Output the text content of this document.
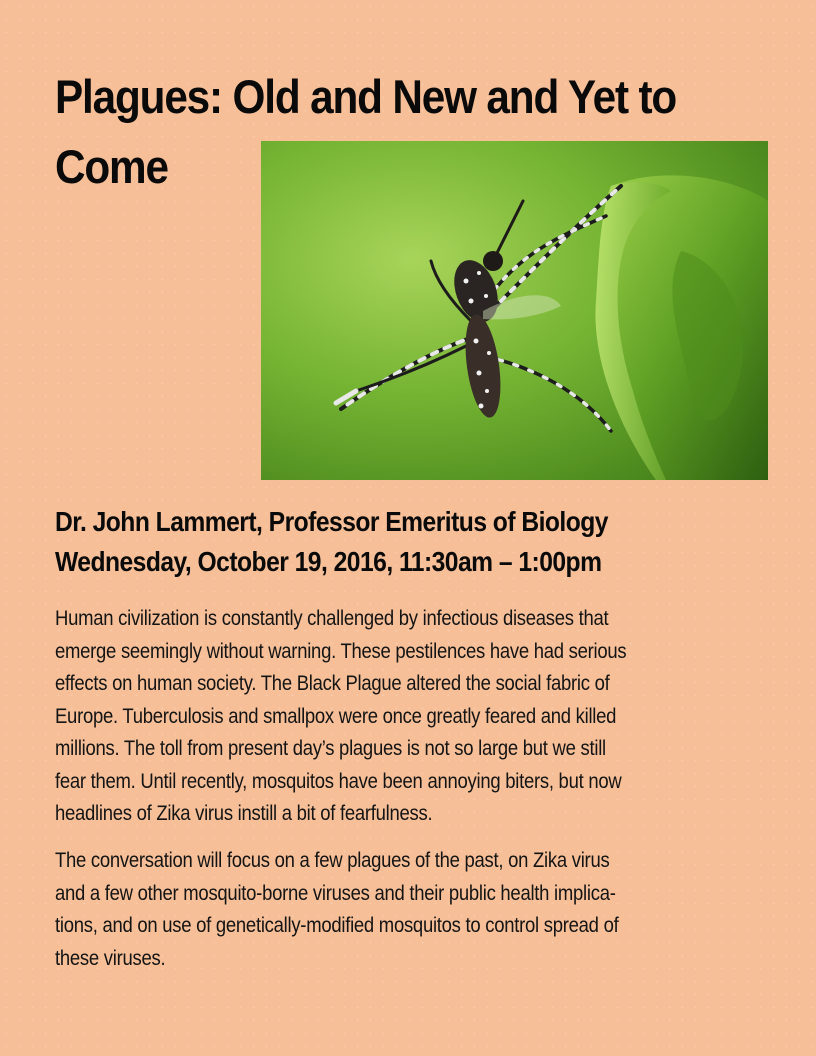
Plagues: Old and New and Yet to Come
Dr. John Lammert, Professor Emeritus of Biology
Wednesday, October 19, 2016, 11:30am – 1:00pm

Human civilization is constantly challenged by infectious diseases that
emerge seemingly without warning. These pestilences have had serious
effects on human society. The Black Plague altered the social fabric of
Europe. Tuberculosis and smallpox were once greatly feared and killed
millions. The toll from present day’s plagues is not so large but we still
fear them. Until recently, mosquitos have been annoying biters, but now
headlines of Zika virus instill a bit of fearfulness.

The conversation will focus on a few plagues of the past, on Zika virus
and a few other mosquito-borne viruses and their public health implica-
tions, and on use of genetically-modified mosquitos to control spread of
these viruses.
